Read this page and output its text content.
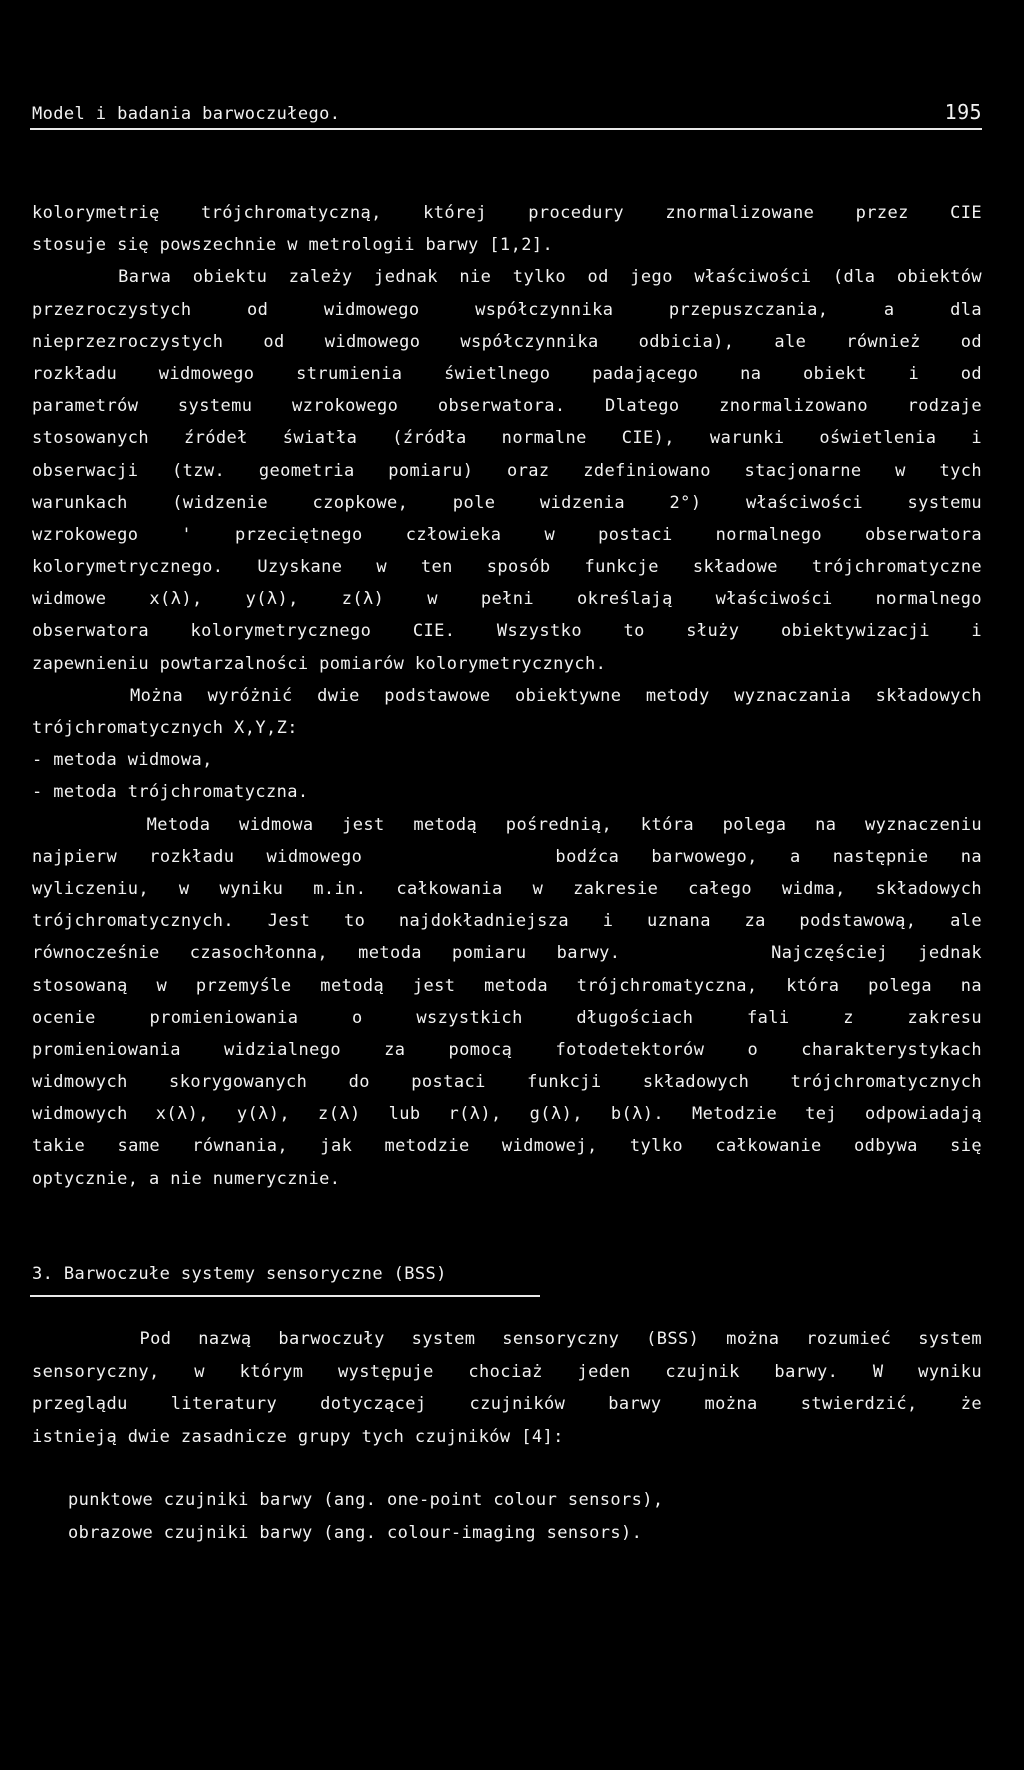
Model i badania barwoczułego.	195
kolorymetrię trójchromatyczną, której procedury znormalizowane przez CIE
stosuje się powszechnie w metrologii barwy [1,2].
Barwa obiektu zależy jednak nie tylko od jego właściwości (dla obiektów
przezroczystych od widmowego współczynnika przepuszczania, a dla
nieprzezroczystych od widmowego współczynnika odbicia), ale również od
rozkładu widmowego strumienia świetlnego padającego na obiekt i od
parametrów systemu wzrokowego obserwatora. Dlatego znormalizowano rodzaje
stosowanych źródeł światła (źródła normalne CIE), warunki oświetlenia i
obserwacji (tzw. geometria pomiaru) oraz zdefiniowano stacjonarne w tych
warunkach (widzenie czopkowe, pole widzenia 2°) właściwości systemu
wzrokowego ' przeciętnego człowieka w postaci normalnego obserwatora
kolorymetrycznego. Uzyskane w ten sposób funkcje składowe trójchromatyczne
widmowe x(λ), y(λ), z(λ) w pełni określają właściwości normalnego
obserwatora kolorymetrycznego CIE. Wszystko to służy obiektywizacji i
zapewnieniu powtarzalności pomiarów kolorymetrycznych.
Można wyróżnić dwie podstawowe obiektywne metody wyznaczania składowych
trójchromatycznych X,Y,Z:
- metoda widmowa,
- metoda trójchromatyczna.
Metoda widmowa jest metodą pośrednią, która polega na wyznaczeniu
najpierw rozkładu widmowego      bodźca barwowego, a następnie na
wyliczeniu, w wyniku m.in. całkowania w zakresie całego widma, składowych
trójchromatycznych. Jest to najdokładniejsza i uznana za podstawową, ale
równocześnie czasochłonna, metoda pomiaru barwy.     Najczęściej jednak
stosowaną w przemyśle metodą jest metoda trójchromatyczna, która polega na
ocenie promieniowania o wszystkich długościach fali z zakresu
promieniowania widzialnego za pomocą fotodetektorów o charakterystykach
widmowych skorygowanych do postaci funkcji składowych trójchromatycznych
widmowych x(λ), y(λ), z(λ) lub r(λ), g(λ), b(λ). Metodzie tej odpowiadają
takie same równania, jak metodzie widmowej, tylko całkowanie odbywa się
optycznie, a nie numerycznie.
3. Barwoczułe systemy sensoryczne (BSS)
Pod nazwą barwoczuły system sensoryczny (BSS) można rozumieć system
sensoryczny, w którym występuje chociaż jeden czujnik barwy. W wyniku
przeglądu literatury dotyczącej czujników barwy można stwierdzić, że
istnieją dwie zasadnicze grupy tych czujników [4]:
punktowe czujniki barwy (ang. one-point colour sensors),
obrazowe czujniki barwy (ang. colour-imaging sensors).
